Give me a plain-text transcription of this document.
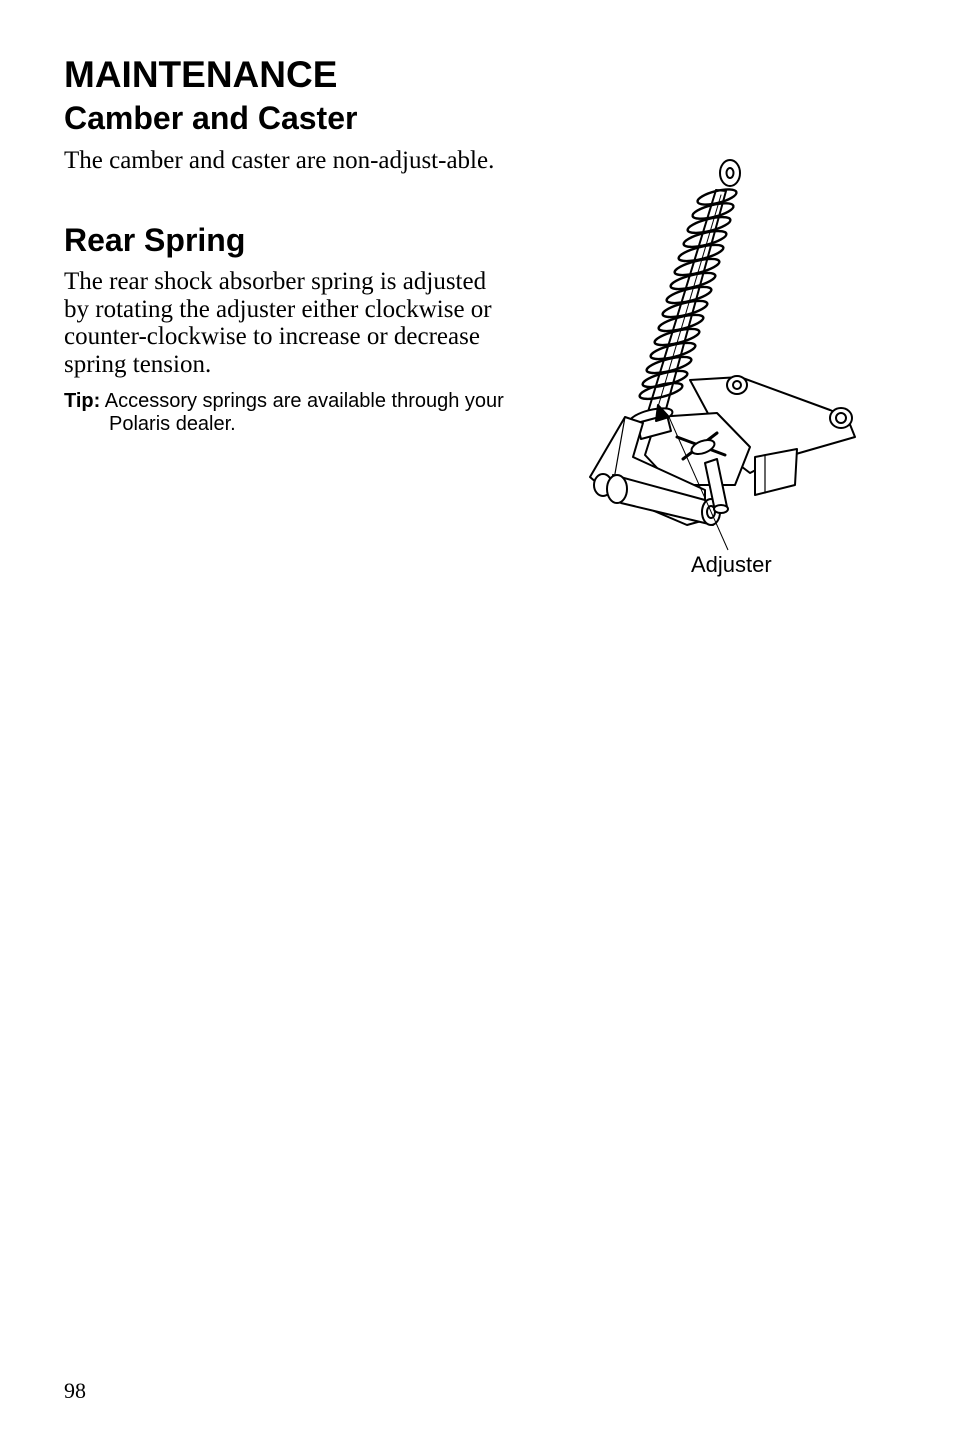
MAINTENANCE
Camber and Caster

The camber and caster are non-adjust-able.

Rear Spring

The rear shock absorber spring is adjusted by rotating the adjuster either clockwise or counter-clockwise to increase or decrease spring tension.

Tip: Accessory springs are available through your Polaris dealer.

Adjuster
98
